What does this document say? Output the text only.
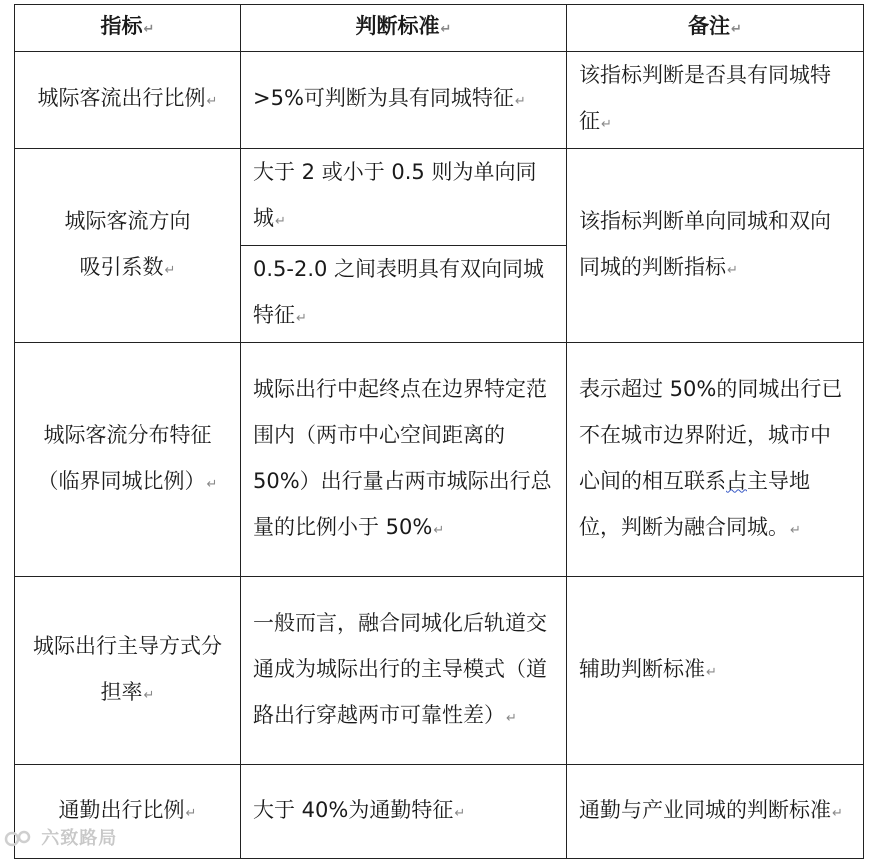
指标↵	判断标准↵	备注↵
城际客流出行比例↵	>5%可判断为具有同城特征↵	该指标判断是否具有同城特征↵
城际客流方向吸引系数↵	大于 2 或小于 0.5 则为单向同城↵	该指标判断单向同城和双向同城的判断指标↵
	0.5-2.0 之间表明具有双向同城特征↵	
城际客流分布特征（临界同城比例）↵	城际出行中起终点在边界特定范围内（两市中心空间距离的 50%）出行量占两市城际出行总量的比例小于 50%↵	表示超过 50%的同城出行已不在城市边界附近，城市中心间的相互联系占主导地位，判断为融合同城。↵
城际出行主导方式分担率↵	一般而言，融合同城化后轨道交通成为城际出行的主导模式（道路出行穿越两市可靠性差）↵	辅助判断标准↵
通勤出行比例↵	大于 40%为通勤特征↵	通勤与产业同城的判断标准↵
六致路局
